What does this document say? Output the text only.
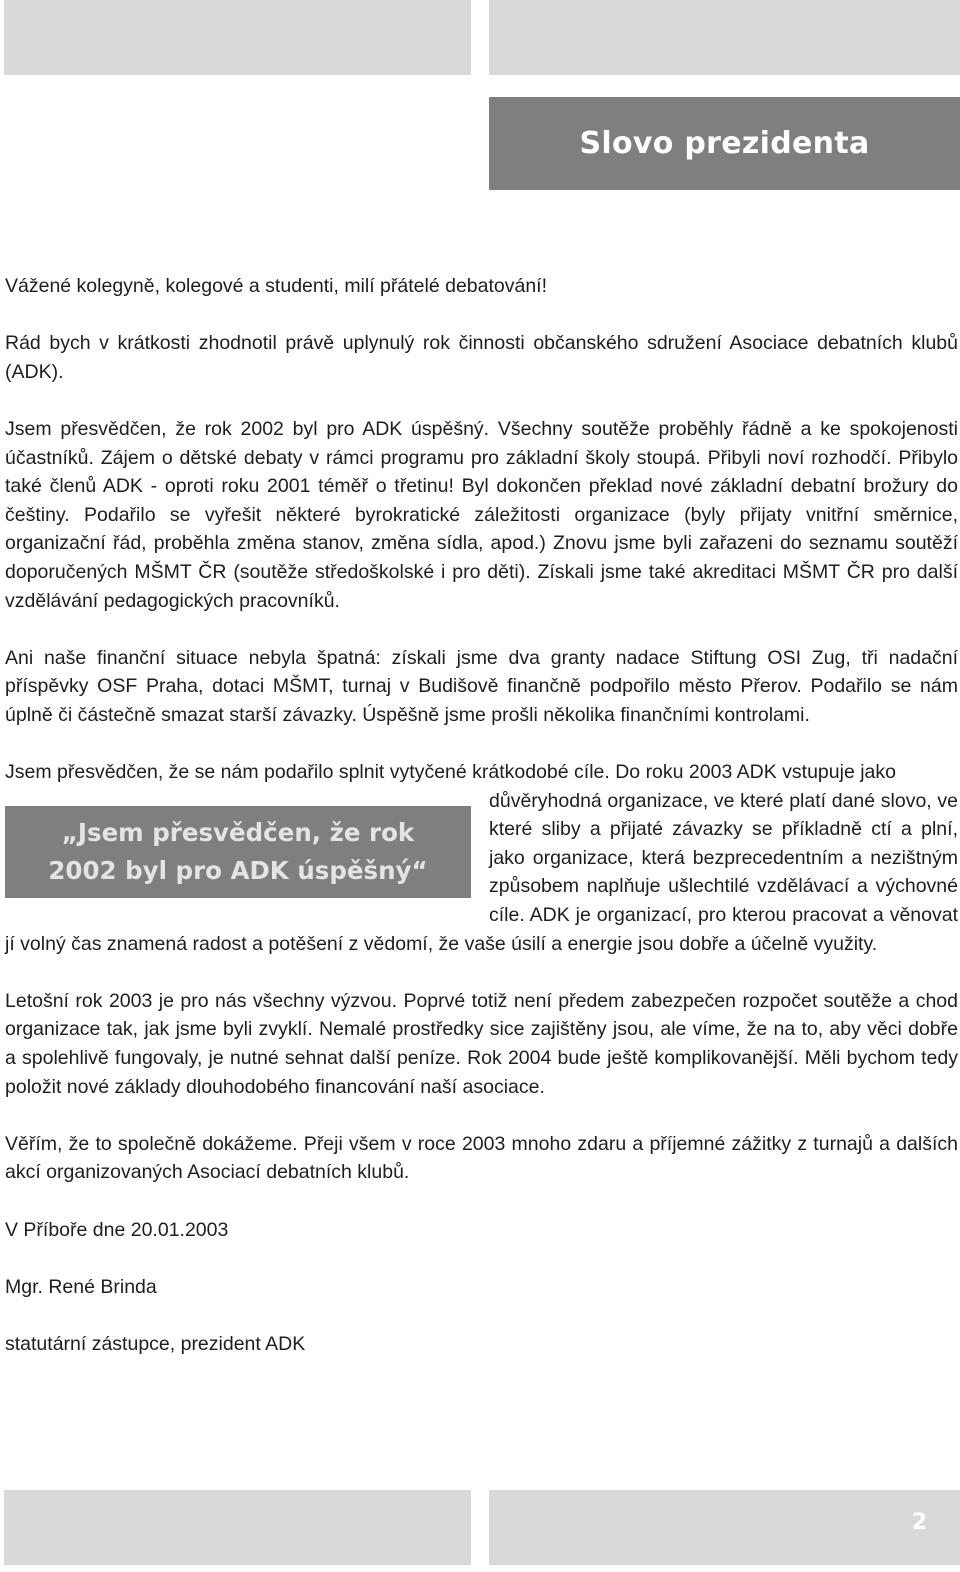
Slovo prezidenta

Vážené kolegyně, kolegové a studenti, milí přátelé debatování!

Rád bych v krátkosti zhodnotil právě uplynulý rok činnosti občanského sdružení Asociace debatních klubů (ADK).

Jsem přesvědčen, že rok 2002 byl pro ADK úspěšný. Všechny soutěže proběhly řádně a ke spokojenosti účastníků. Zájem o dětské debaty v rámci programu pro základní školy stoupá. Přibyli noví rozhodčí. Přibylo také členů ADK - oproti roku 2001 téměř o třetinu! Byl dokončen překlad nové základní debatní brožury do češtiny. Podařilo se vyřešit některé byrokratické záležitosti organizace (byly přijaty vnitřní směrnice, organizační řád, proběhla změna stanov, změna sídla, apod.) Znovu jsme byli zařazeni do seznamu soutěží doporučených MŠMT ČR (soutěže středoškolské i pro děti). Získali jsme také akreditaci MŠMT ČR pro další vzdělávání pedagogických pracovníků.

Ani naše finanční situace nebyla špatná: získali jsme dva granty nadace Stiftung OSI Zug, tři nadační příspěvky OSF Praha, dotaci MŠMT, turnaj v Budišově finančně podpořilo město Přerov. Podařilo se nám úplně či částečně smazat starší závazky. Úspěšně jsme prošli několika finančními kontrolami.

Jsem přesvědčen, že se nám podařilo splnit vytyčené krátkodobé cíle. Do roku 2003 ADK vstupuje jako

„Jsem přesvědčen, že rok
2002 byl pro ADK úspěšný“

důvěryhodná organizace, ve které platí dané slovo, ve které sliby a přijaté závazky se příkladně ctí a plní, jako organizace, která bezprecedentním a nezištným způsobem naplňuje ušlechtilé vzdělávací a výchovné cíle. ADK je organizací, pro kterou pracovat a věnovat jí volný čas znamená radost a potěšení z vědomí, že vaše úsilí a energie jsou dobře a účelně využity.

Letošní rok 2003 je pro nás všechny výzvou. Poprvé totiž není předem zabezpečen rozpočet soutěže a chod organizace tak, jak jsme byli zvyklí. Nemalé prostředky sice zajištěny jsou, ale víme, že na to, aby věci dobře a spolehlivě fungovaly, je nutné sehnat další peníze. Rok 2004 bude ještě komplikovanější. Měli bychom tedy položit nové základy dlouhodobého financování naší asociace.

Věřím, že to společně dokážeme. Přeji všem v roce 2003 mnoho zdaru a příjemné zážitky z turnajů a dalších akcí organizovaných Asociací debatních klubů.

V Příboře dne 20.01.2003

Mgr. René Brinda

statutární zástupce, prezident ADK

2
